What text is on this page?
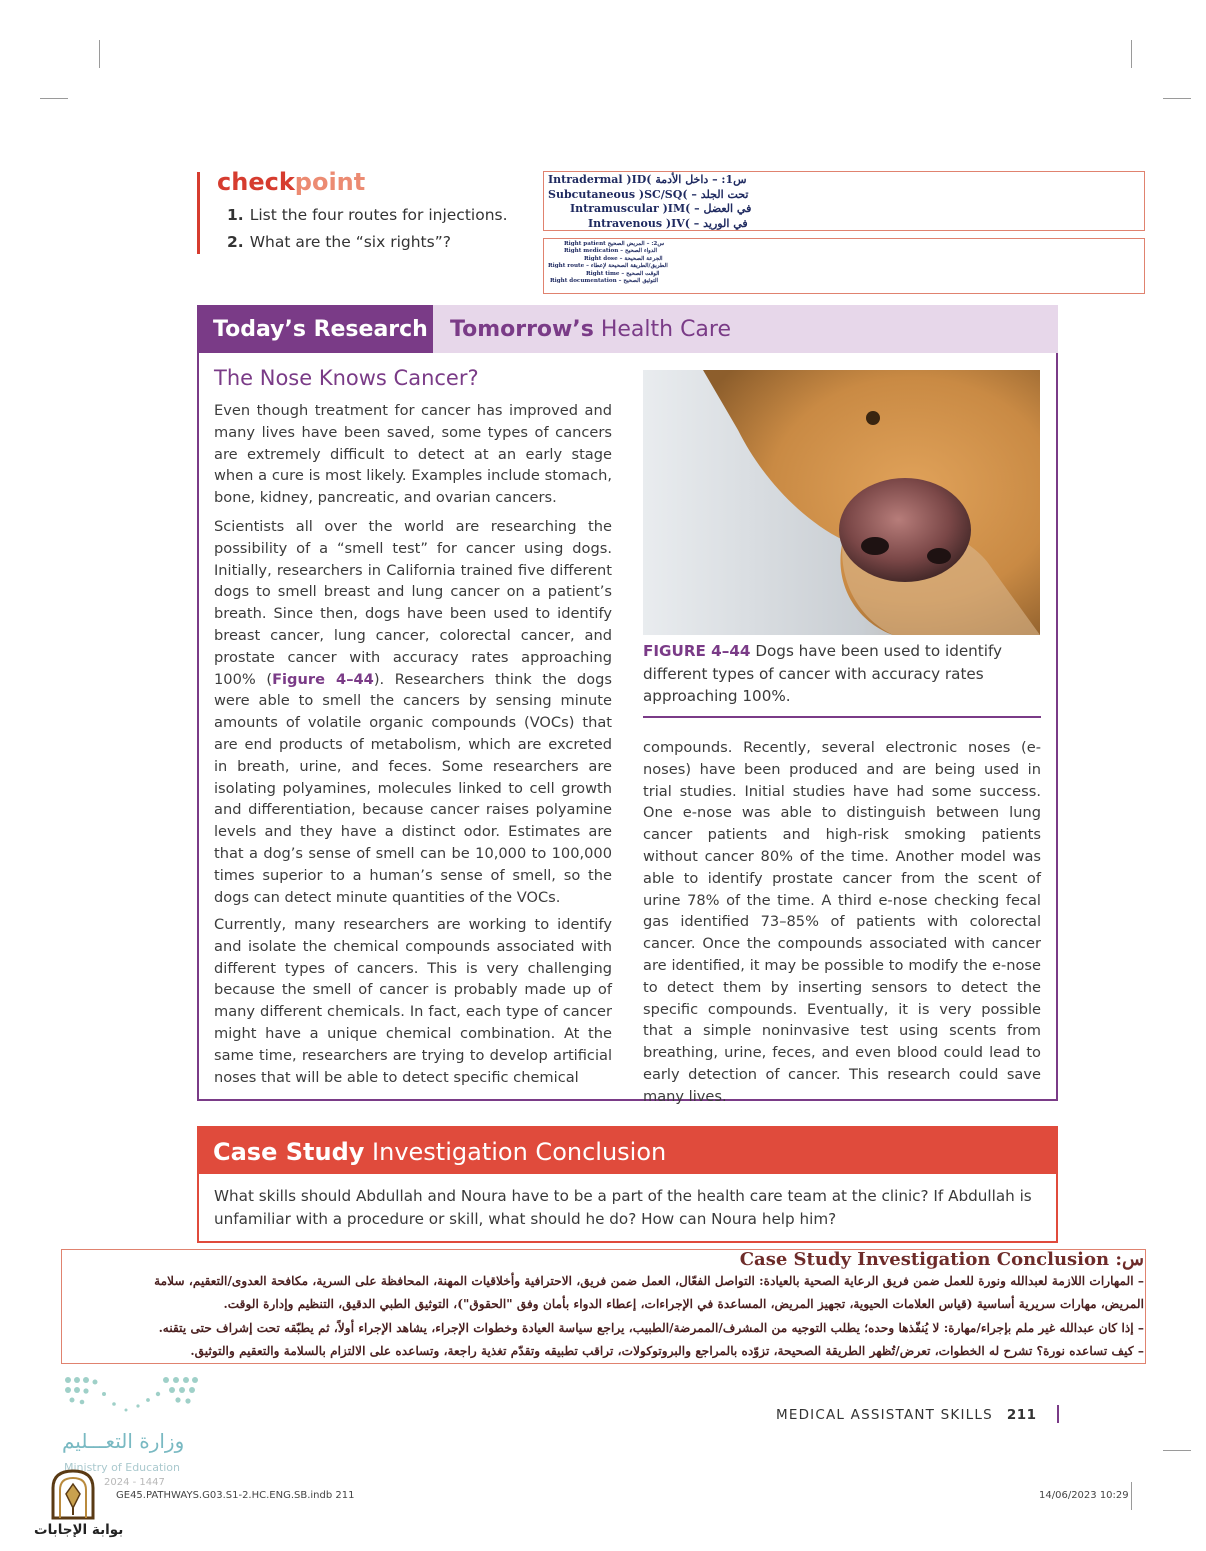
checkpoint
1. List the four routes for injections.
2. What are the “six rights”?
Intradermal )ID( س1: – داخل الأدمة
Subcutaneous )SC/SQ( – تحت الجلد
Intramuscular )IM( – في العضل
Intravenous )IV( – في الوريد
Right patient س2: – المريض الصحيح
Right medication – الدواء الصحيح
Right dose – الجرعة الصحيحة
Right route – الطريق/الطريقة الصحيحة لإعطاء
Right time – الوقت الصحيح
Right documentation – التوثيق الصحيح
Today’s Research	Tomorrow’s Health Care
The Nose Knows Cancer?
Even though treatment for cancer has improved and many lives have been saved, some types of cancers are extremely difficult to detect at an early stage when a cure is most likely. Examples include stomach, bone, kidney, pancreatic, and ovarian cancers.
Scientists all over the world are researching the possibility of a “smell test” for cancer using dogs. Initially, researchers in California trained five different dogs to smell breast and lung cancer on a patient’s breath. Since then, dogs have been used to identify breast cancer, lung cancer, colorectal cancer, and prostate cancer with accuracy rates approaching 100% (Figure 4–44). Researchers think the dogs were able to smell the cancers by sensing minute amounts of volatile organic compounds (VOCs) that are end products of metabolism, which are excreted in breath, urine, and feces. Some researchers are isolating polyamines, molecules linked to cell growth and differentiation, because cancer raises polyamine levels and they have a distinct odor. Estimates are that a dog’s sense of smell can be 10,000 to 100,000 times superior to a human’s sense of smell, so the dogs can detect minute quantities of the VOCs.
Currently, many researchers are working to identify and isolate the chemical compounds associated with different types of cancers. This is very challenging because the smell of cancer is probably made up of many different chemicals. In fact, each type of cancer might have a unique chemical combination. At the same time, researchers are trying to develop artificial noses that will be able to detect specific chemical
FIGURE 4–44 Dogs have been used to identify different types of cancer with accuracy rates approaching 100%.
compounds. Recently, several electronic noses (e-noses) have been produced and are being used in trial studies. Initial studies have had some success. One e-nose was able to distinguish between lung cancer patients and high-risk smoking patients without cancer 80% of the time. Another model was able to identify prostate cancer from the scent of urine 78% of the time. A third e-nose checking fecal gas identified 73–85% of patients with colorectal cancer. Once the compounds associated with cancer are identified, it may be possible to modify the e-nose to detect them by inserting sensors to detect the specific compounds. Eventually, it is very possible that a simple noninvasive test using scents from breathing, urine, feces, and even blood could lead to early detection of cancer. This research could save many lives.
Case Study Investigation Conclusion
What skills should Abdullah and Noura have to be a part of the health care team at the clinic? If Abdullah is unfamiliar with a procedure or skill, what should he do? How can Noura help him?
س: Case Study Investigation Conclusion
– المهارات اللازمة لعبدالله ونورة للعمل ضمن فريق الرعاية الصحية بالعيادة: التواصل الفعّال، العمل ضمن فريق، الاحترافية وأخلاقيات المهنة، المحافظة على السرية، مكافحة العدوى/التعقيم، سلامة
المريض، مهارات سريرية أساسية (قياس العلامات الحيوية، تجهيز المريض، المساعدة في الإجراءات، إعطاء الدواء بأمان وفق "الحقوق")، التوثيق الطبي الدقيق، التنظيم وإدارة الوقت.
– إذا كان عبدالله غير ملم بإجراء/مهارة: لا يُنفّذها وحده؛ يطلب التوجيه من المشرف/الممرضة/الطبيب، يراجع سياسة العيادة وخطوات الإجراء، يشاهد الإجراء أولاً، ثم يطبّقه تحت إشراف حتى يتقنه.
– كيف تساعده نورة؟ تشرح له الخطوات، تعرض/تُظهر الطريقة الصحيحة، تزوّده بالمراجع والبروتوكولات، تراقب تطبيقه وتقدّم تغذية راجعة، وتساعده على الالتزام بالسلامة والتعقيم والتوثيق.
MEDICAL ASSISTANT SKILLS 211
وزارة التعـــليم
Ministry of Education
2024 - 1447
GE45.PATHWAYS.G03.S1-2.HC.ENG.SB.indb 211	14/06/2023 10:29
بوابة الإجابات
